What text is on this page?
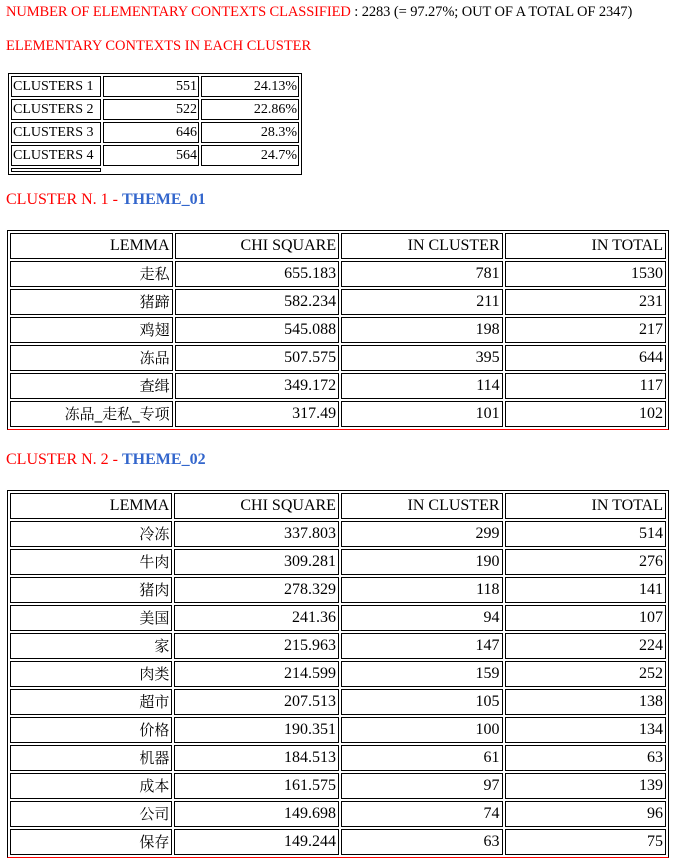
NUMBER OF ELEMENTARY CONTEXTS CLASSIFIED : 2283 (= 97.27%; OUT OF A TOTAL OF 2347)
ELEMENTARY CONTEXTS IN EACH CLUSTER
CLUSTERS 1	551	24.13%
CLUSTERS 2	522	22.86%
CLUSTERS 3	646	28.3%
CLUSTERS 4	564	24.7%

CLUSTER N. 1 - THEME_01
LEMMA	CHI SQUARE	IN CLUSTER	IN TOTAL
走私	655.183	781	1530
猪蹄	582.234	211	231
鸡翅	545.088	198	217
冻品	507.575	395	644
查缉	349.172	114	117
冻品_走私_专项	317.49	101	102
CLUSTER N. 2 - THEME_02
LEMMA	CHI SQUARE	IN CLUSTER	IN TOTAL
冷冻	337.803	299	514
牛肉	309.281	190	276
猪肉	278.329	118	141
美国	241.36	94	107
家	215.963	147	224
肉类	214.599	159	252
超市	207.513	105	138
价格	190.351	100	134
机器	184.513	61	63
成本	161.575	97	139
公司	149.698	74	96
保存	149.244	63	75
